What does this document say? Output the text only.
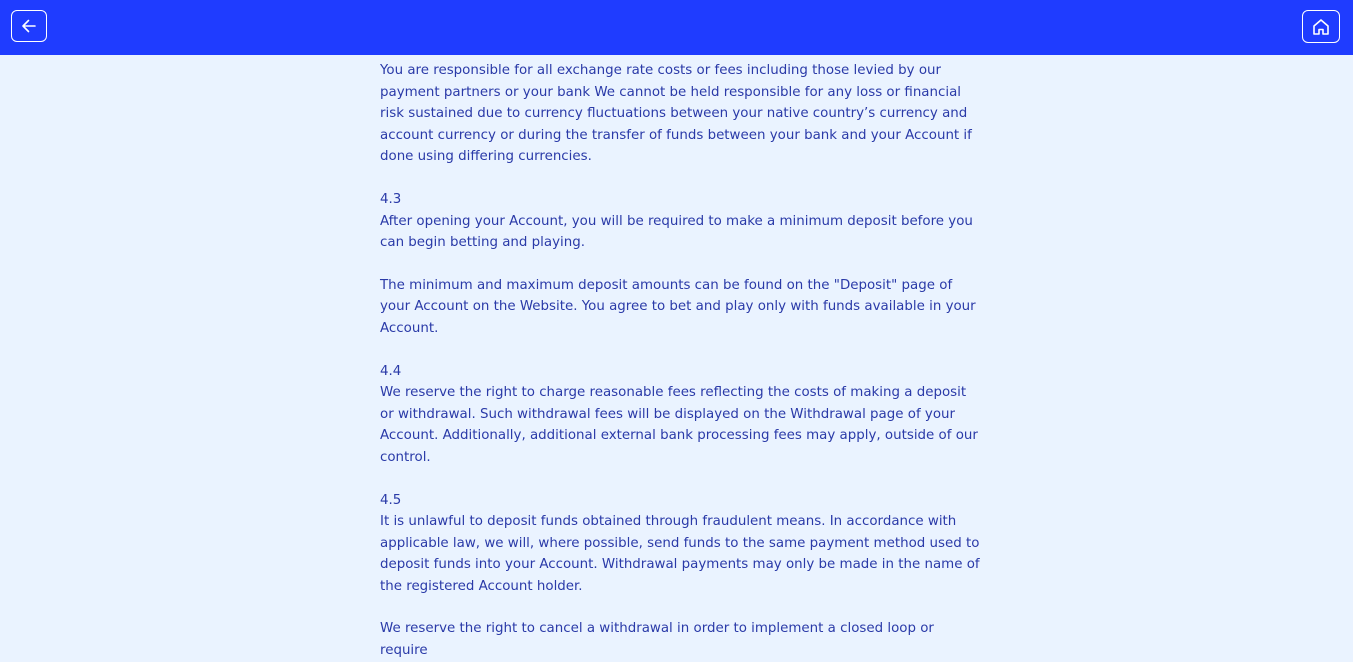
You are responsible for all exchange rate costs or fees including those levied by our payment partners or your bank We cannot be held responsible for any loss or financial risk sustained due to currency fluctuations between your native country’s currency and account currency or during the transfer of funds between your bank and your Account if done using differing currencies.

4.3

After opening your Account, you will be required to make a minimum deposit before you can begin betting and playing.

The minimum and maximum deposit amounts can be found on the "Deposit" page of your Account on the Website. You agree to bet and play only with funds available in your Account.

4.4

We reserve the right to charge reasonable fees reflecting the costs of making a deposit or withdrawal. Such withdrawal fees will be displayed on the Withdrawal page of your Account. Additionally, additional external bank processing fees may apply, outside of our control.

4.5

It is unlawful to deposit funds obtained through fraudulent means. In accordance with applicable law, we will, where possible, send funds to the same payment method used to deposit funds into your Account. Withdrawal payments may only be made in the name of the registered Account holder.

We reserve the right to cancel a withdrawal in order to implement a closed loop or require
